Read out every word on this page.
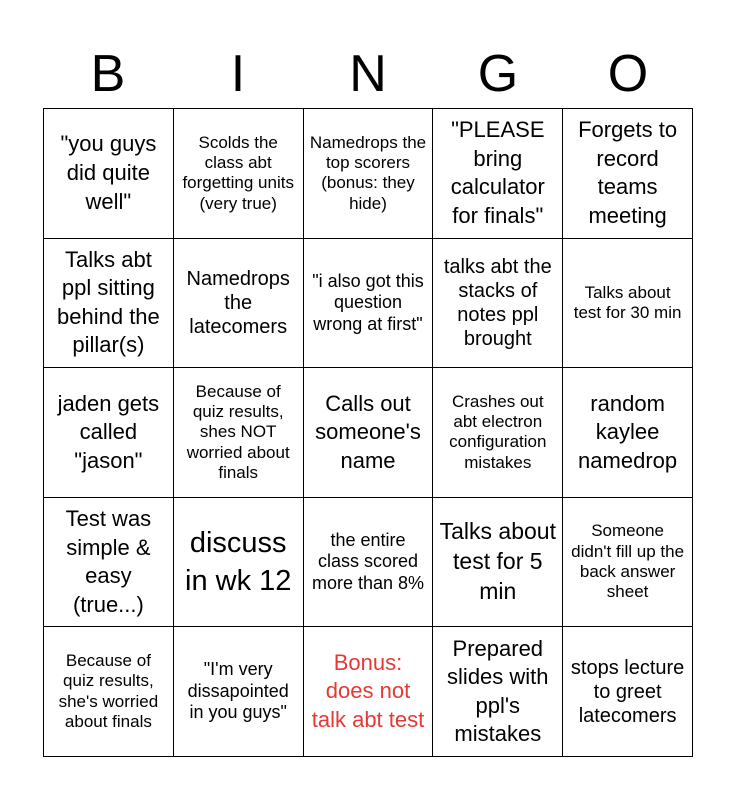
B	I	N	G	O
"you guys did quite well"
Scolds the class abt forgetting units (very true)
Namedrops the top scorers (bonus: they hide)
"PLEASE bring calculator for finals"
Forgets to record teams meeting
Talks abt ppl sitting behind the pillar(s)
Namedrops the latecomers
"i also got this question wrong at first"
talks abt the stacks of notes ppl brought
Talks about test for 30 min
jaden gets called "jason"
Because of quiz results, shes NOT worried about finals
Calls out someone's name
Crashes out abt electron configuration mistakes
random kaylee namedrop
Test was simple & easy (true...)
discuss in wk 12
the entire class scored more than 8%
Talks about test for 5 min
Someone didn't fill up the back answer sheet
Because of quiz results, she's worried about finals
"I'm very dissapointed in you guys"
Bonus: does not talk abt test
Prepared slides with ppl's mistakes
stops lecture to greet latecomers
